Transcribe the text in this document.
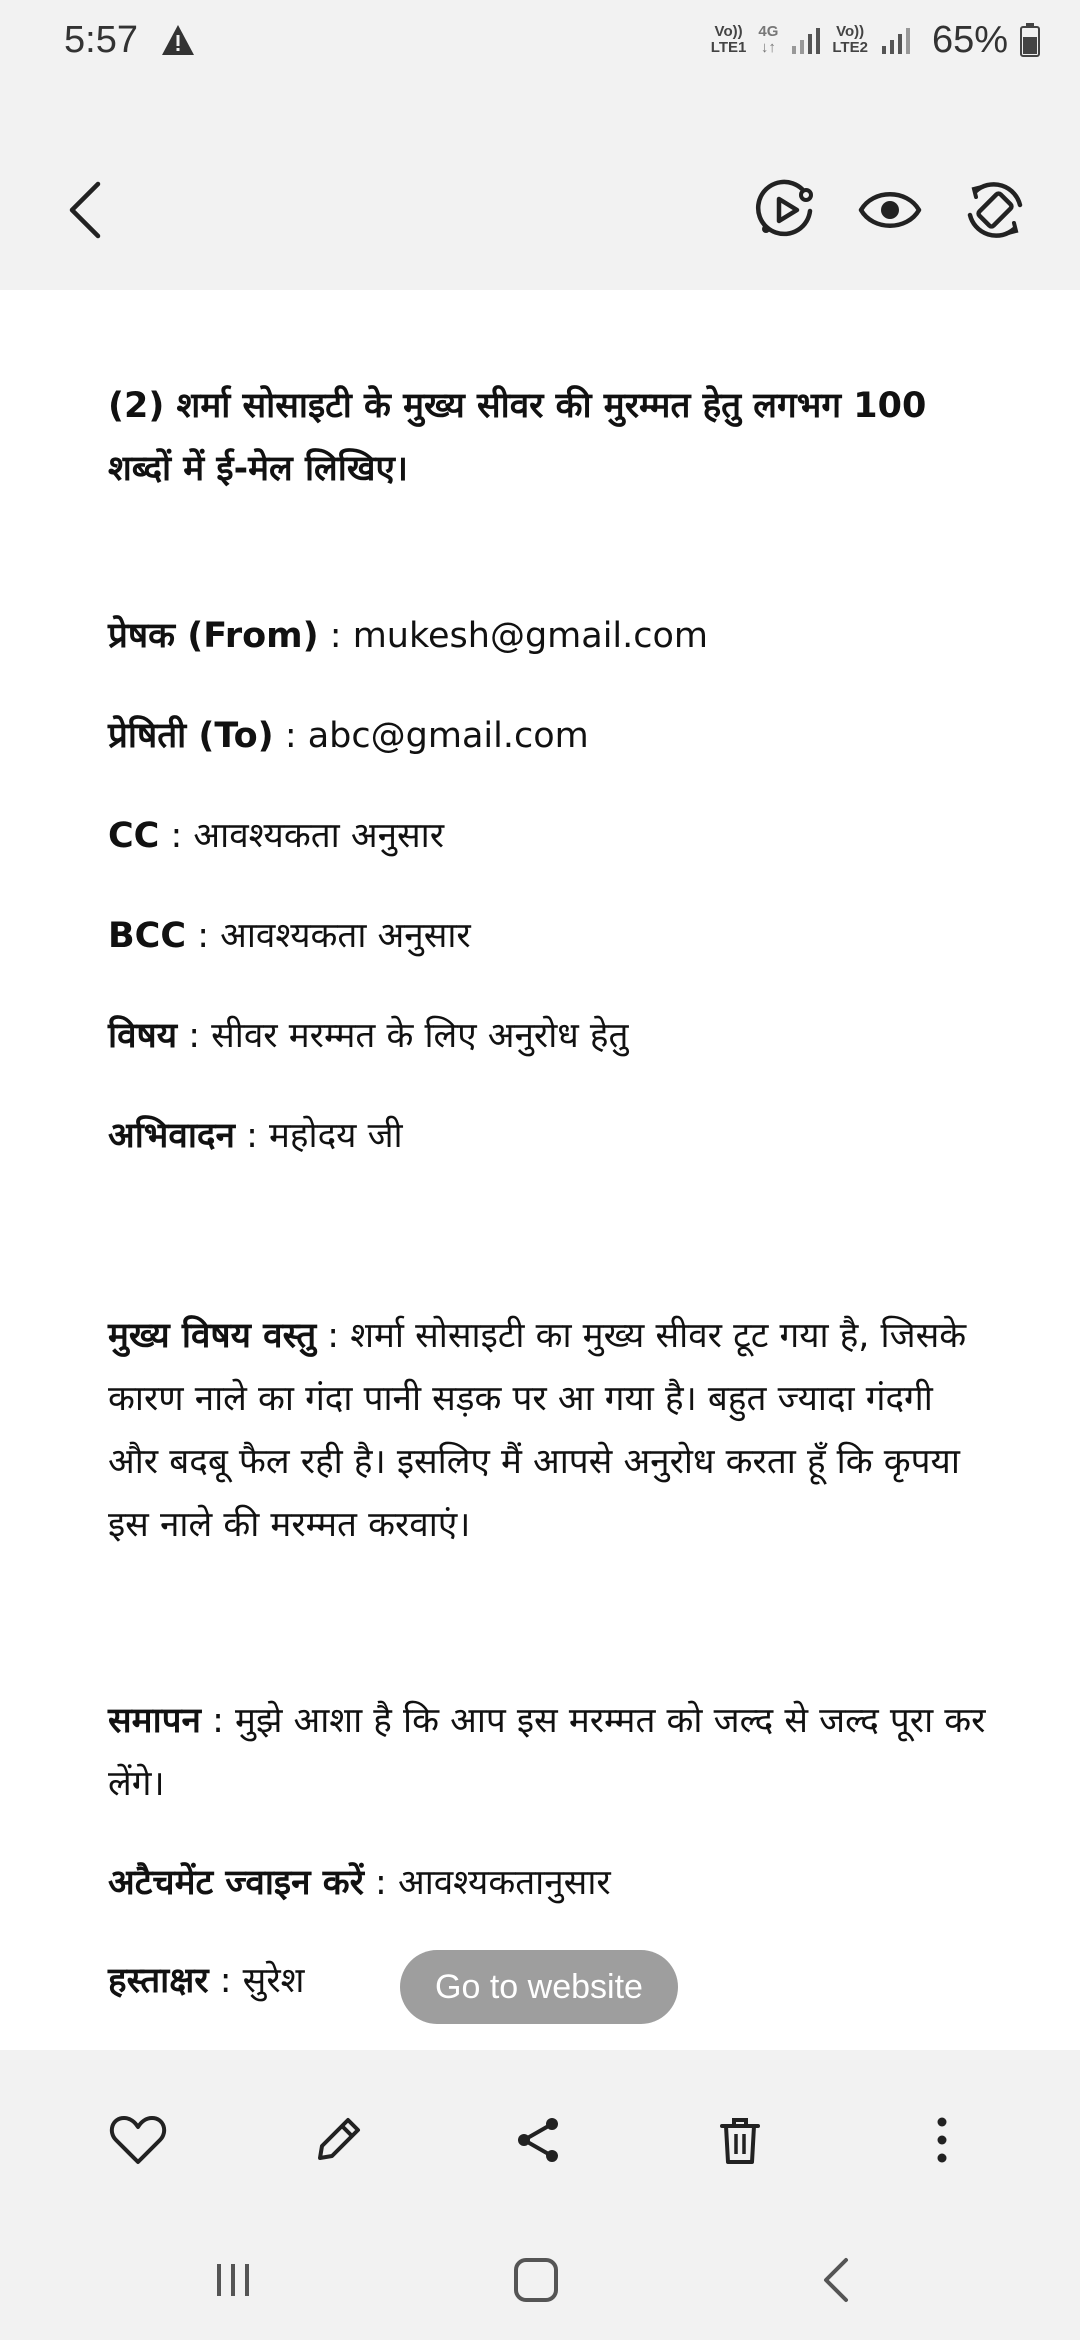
5:57	Vo))
LTE1
4G
↓↑
Vo))
LTE2 65%
(2) शर्मा सोसाइटी के मुख्य सीवर की मुरम्मत हेतु लगभग 100 शब्दों में ई-मेल लिखिए।
प्रेषक (From) : mukesh@gmail.com
प्रेषिती (To) : abc@gmail.com
CC : आवश्यकता अनुसार
BCC : आवश्यकता अनुसार
विषय : सीवर मरम्मत के लिए अनुरोध हेतु
अभिवादन : महोदय जी
मुख्य विषय वस्तु : शर्मा सोसाइटी का मुख्य सीवर टूट गया है, जिसके कारण नाले का गंदा पानी सड़क पर आ गया है। बहुत ज्यादा गंदगी और बदबू फैल रही है। इसलिए मैं आपसे अनुरोध करता हूँ कि कृपया इस नाले की मरम्मत करवाएं।
समापन : मुझे आशा है कि आप इस मरम्मत को जल्द से जल्द पूरा कर लेंगे।
अटैचमेंट ज्वाइन करें : आवश्यकतानुसार
हस्ताक्षर : सुरेश	Go to website
